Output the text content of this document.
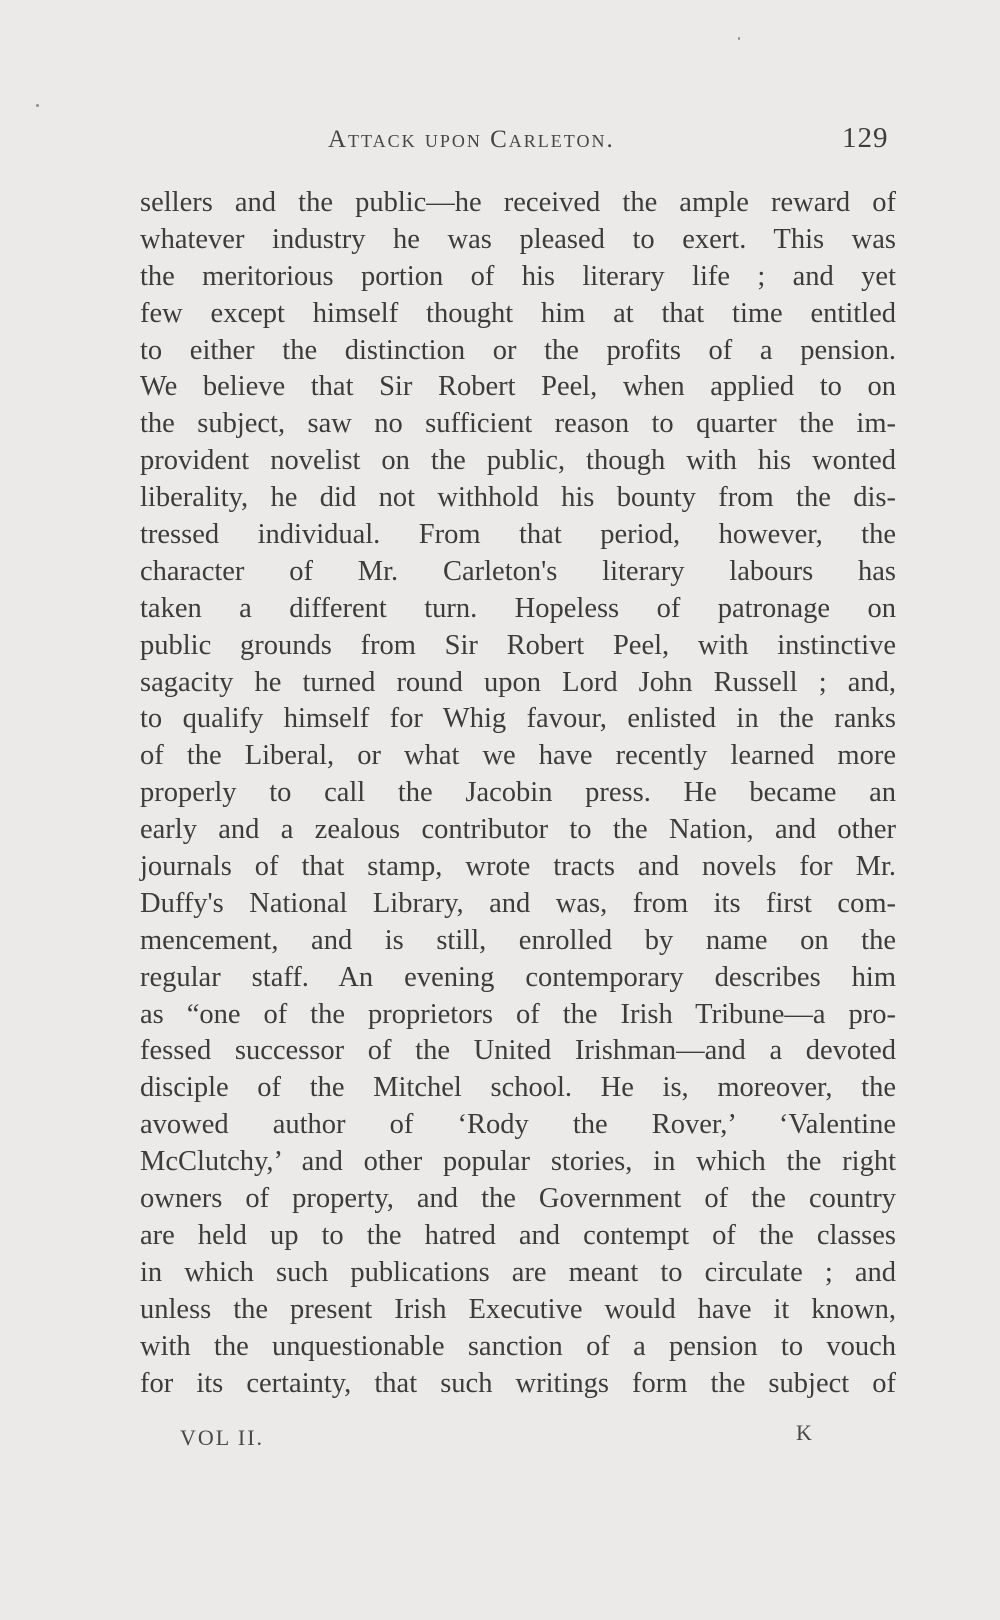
Attack upon Carleton.	129
sellers and the public—he received the ample reward of
whatever industry he was pleased to exert. This was
the meritorious portion of his literary life ; and yet
few except himself thought him at that time entitled
to either the distinction or the profits of a pension.
We believe that Sir Robert Peel, when applied to on
the subject, saw no sufficient reason to quarter the im-
provident novelist on the public, though with his wonted
liberality, he did not withhold his bounty from the dis-
tressed individual. From that period, however, the
character of Mr. Carleton's literary labours has
taken a different turn. Hopeless of patronage on
public grounds from Sir Robert Peel, with instinctive
sagacity he turned round upon Lord John Russell ; and,
to qualify himself for Whig favour, enlisted in the ranks
of the Liberal, or what we have recently learned more
properly to call the Jacobin press. He became an
early and a zealous contributor to the Nation, and other
journals of that stamp, wrote tracts and novels for Mr.
Duffy's National Library, and was, from its first com-
mencement, and is still, enrolled by name on the
regular staff. An evening contemporary describes him
as “one of the proprietors of the Irish Tribune—a pro-
fessed successor of the United Irishman—and a devoted
disciple of the Mitchel school. He is, moreover, the
avowed author of ‘Rody the Rover,’ ‘Valentine
McClutchy,’ and other popular stories, in which the right
owners of property, and the Government of the country
are held up to the hatred and contempt of the classes
in which such publications are meant to circulate ; and
unless the present Irish Executive would have it known,
with the unquestionable sanction of a pension to vouch
for its certainty, that such writings form the subject of
VOL II.	K
